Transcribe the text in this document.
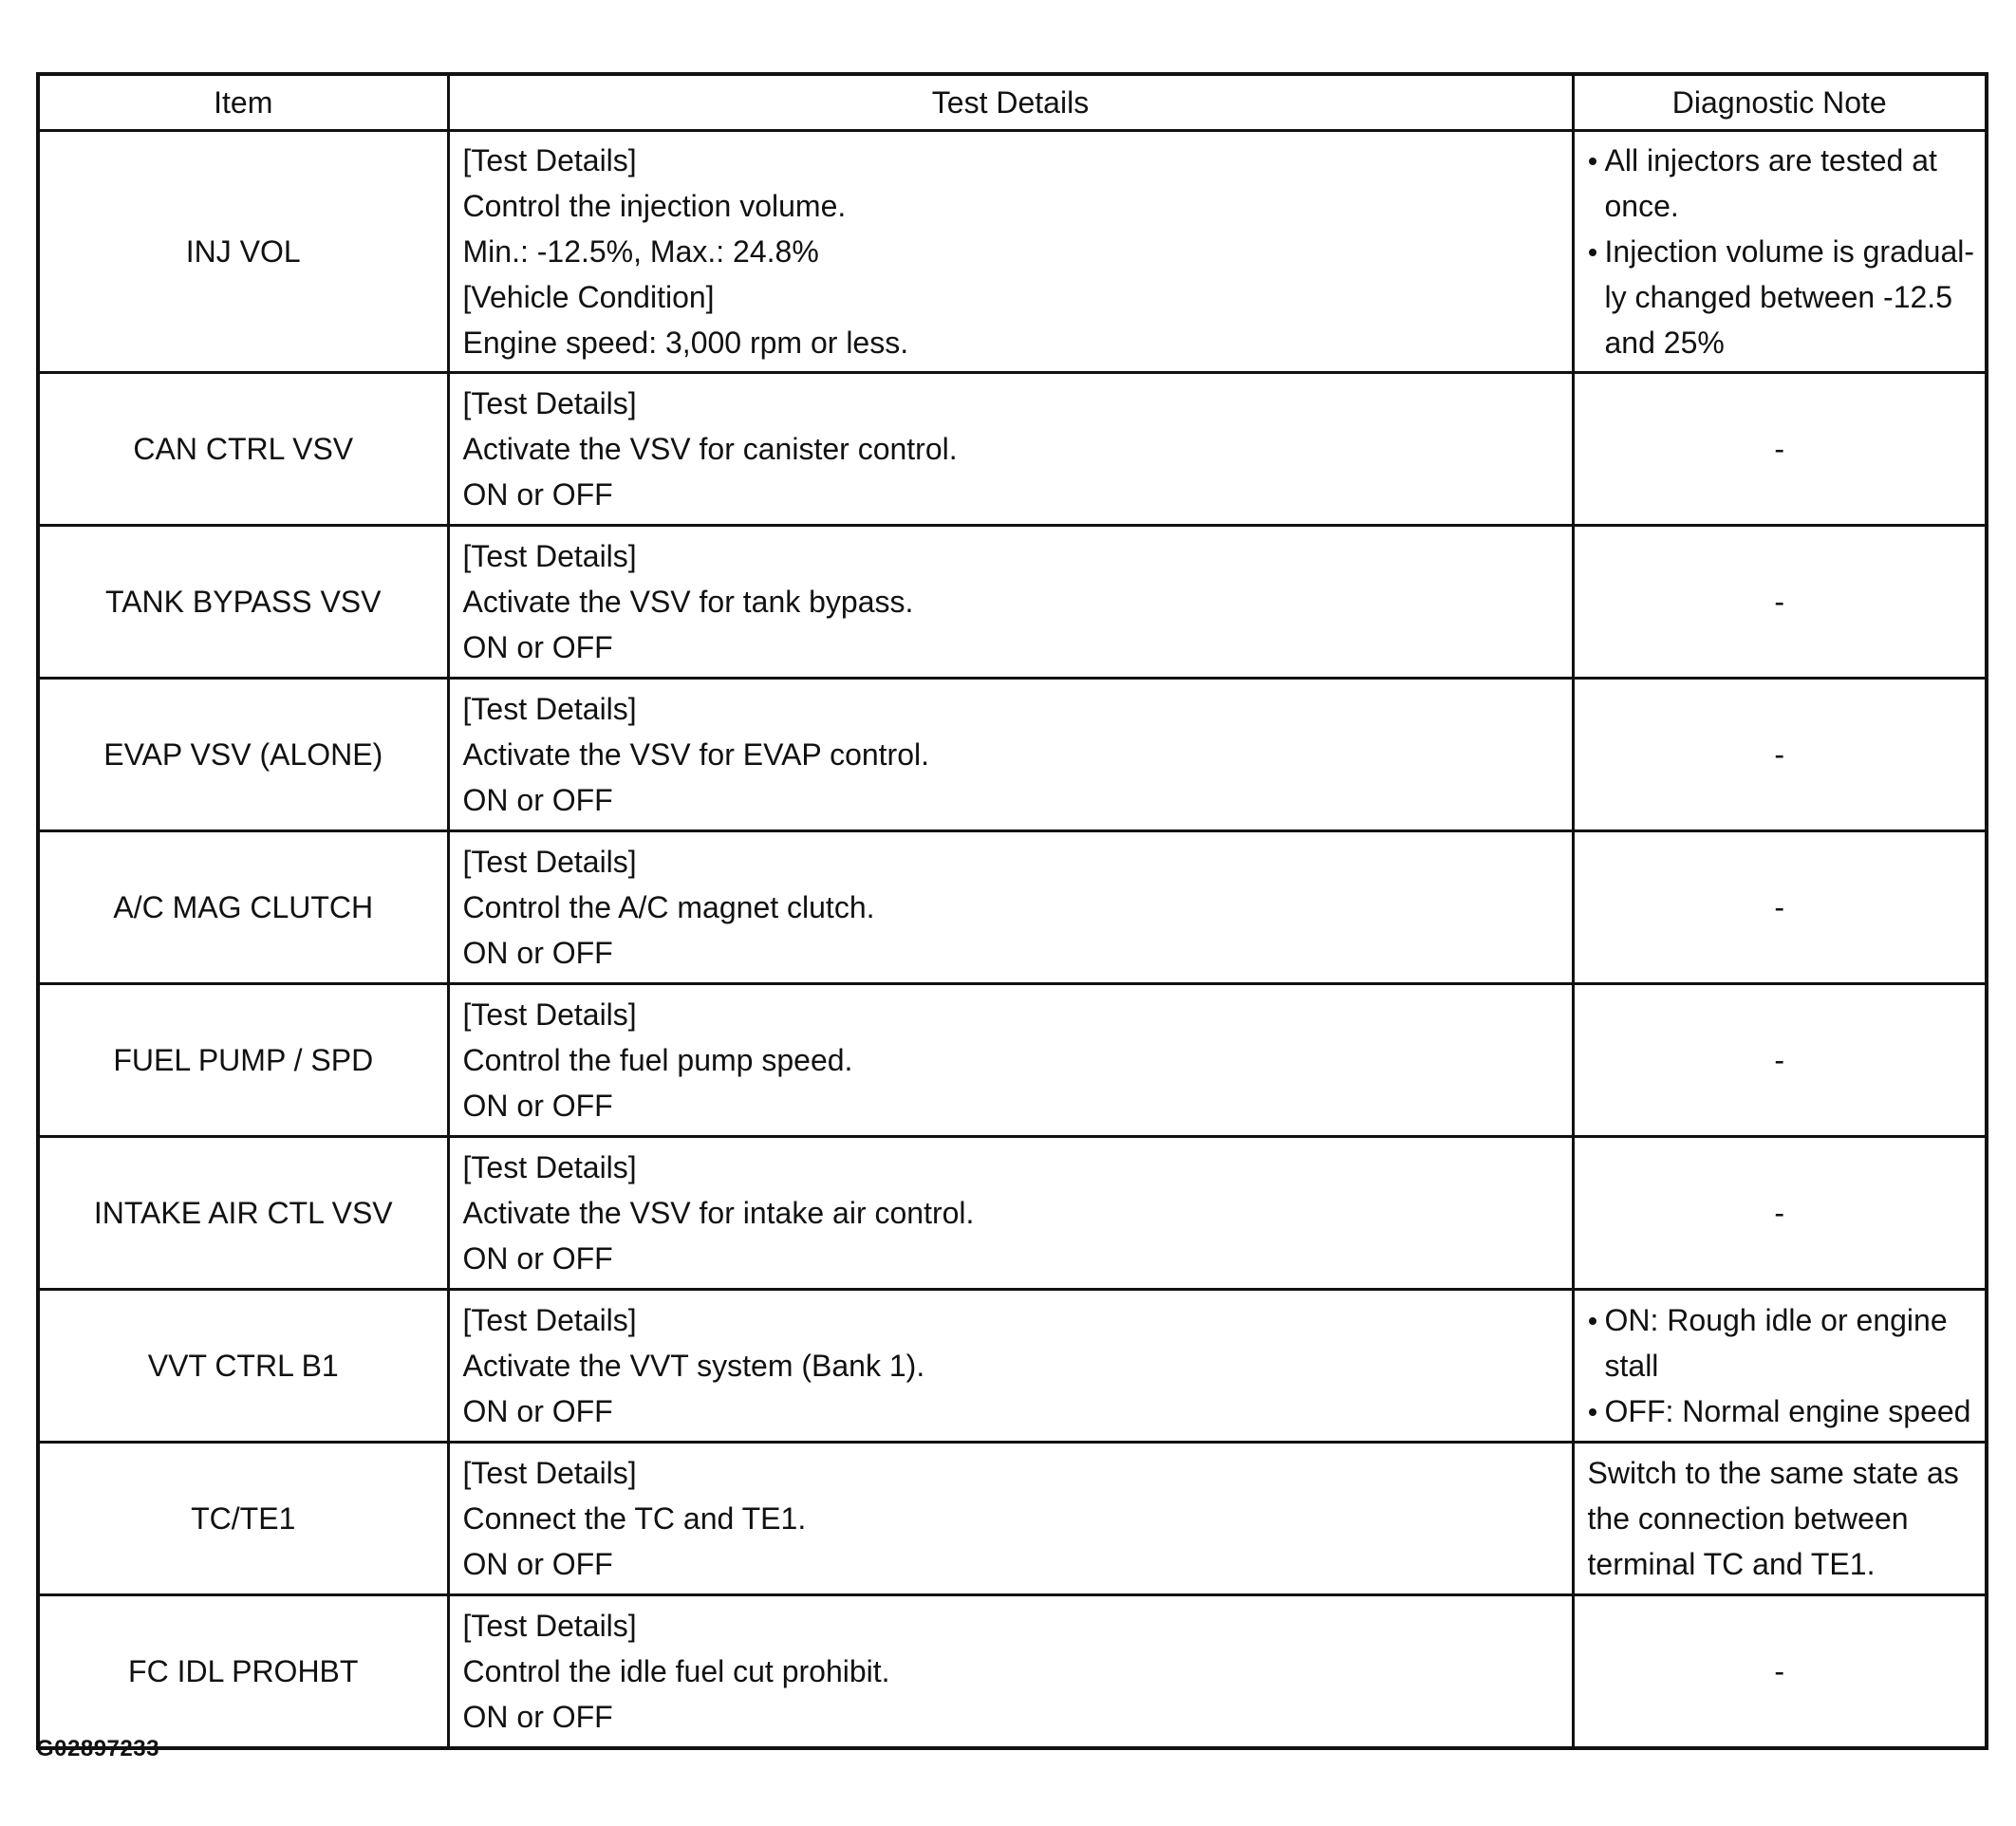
Item	Test Details	Diagnostic Note
INJ VOL	[Test Details]
Control the injection volume.
Min.: -12.5%, Max.: 24.8%
[Vehicle Condition]
Engine speed: 3,000 rpm or less.	All injectors are tested at
once.
Injection volume is gradual-
ly changed between -12.5
and 25%

CAN CTRL VSV	[Test Details]
Activate the VSV for canister control.
ON or OFF	-
TANK BYPASS VSV	[Test Details]
Activate the VSV for tank bypass.
ON or OFF	-
EVAP VSV (ALONE)	[Test Details]
Activate the VSV for EVAP control.
ON or OFF	-
A/C MAG CLUTCH	[Test Details]
Control the A/C magnet clutch.
ON or OFF	-
FUEL PUMP / SPD	[Test Details]
Control the fuel pump speed.
ON or OFF	-
INTAKE AIR CTL VSV	[Test Details]
Activate the VSV for intake air control.
ON or OFF	-
VVT CTRL B1	[Test Details]
Activate the VVT system (Bank 1).
ON or OFF	ON: Rough idle or engine
stall
OFF: Normal engine speed

TC/TE1	[Test Details]
Connect the TC and TE1.
ON or OFF	Switch to the same state as
the connection between
terminal TC and TE1.

FC IDL PROHBT	[Test Details]
Control the idle fuel cut prohibit.
ON or OFF	-
G02897233
